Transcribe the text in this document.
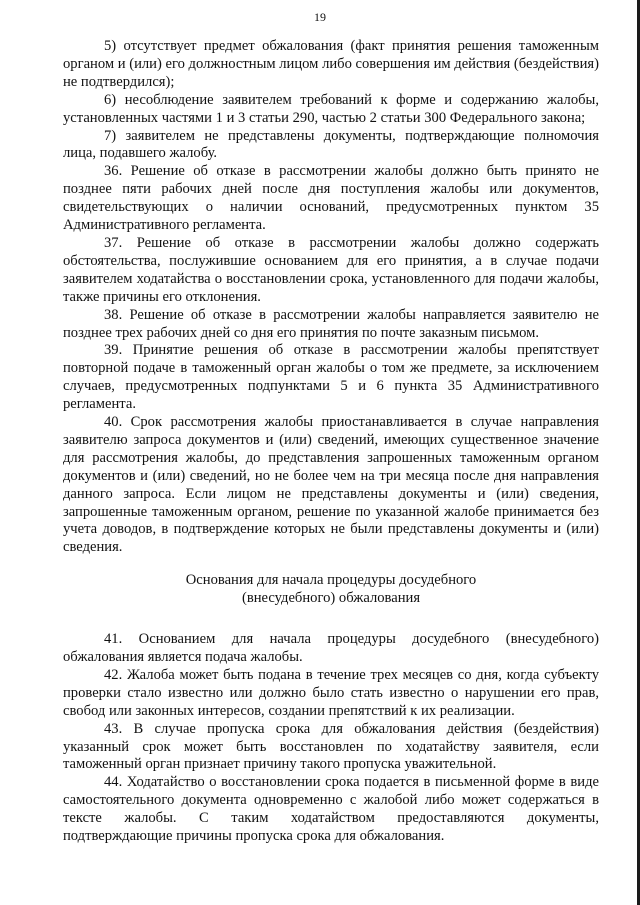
19

5) отсутствует предмет обжалования (факт принятия решения таможенным органом и (или) его должностным лицом либо совершения им действия (бездействия) не подтвердился);

6) несоблюдение заявителем требований к форме и содержанию жалобы, установленных частями 1 и 3 статьи 290, частью 2 статьи 300 Федерального закона;

7) заявителем не представлены документы, подтверждающие полномочия лица, подавшего жалобу.

36. Решение об отказе в рассмотрении жалобы должно быть принято не позднее пяти рабочих дней после дня поступления жалобы или документов, свидетельствующих о наличии оснований, предусмотренных пунктом 35 Административного регламента.

37. Решение об отказе в рассмотрении жалобы должно содержать обстоятельства, послужившие основанием для его принятия, а в случае подачи заявителем ходатайства о восстановлении срока, установленного для подачи жалобы, также причины его отклонения.

38. Решение об отказе в рассмотрении жалобы направляется заявителю не позднее трех рабочих дней со дня его принятия по почте заказным письмом.

39. Принятие решения об отказе в рассмотрении жалобы препятствует повторной подаче в таможенный орган жалобы о том же предмете, за исключением случаев, предусмотренных подпунктами 5 и 6 пункта 35 Административного регламента.

40. Срок рассмотрения жалобы приостанавливается в случае направления заявителю запроса документов и (или) сведений, имеющих существенное значение для рассмотрения жалобы, до представления запрошенных таможенным органом документов и (или) сведений, но не более чем на три месяца после дня направления данного запроса. Если лицом не представлены документы и (или) сведения, запрошенные таможенным органом, решение по указанной жалобе принимается без учета доводов, в подтверждение которых не были представлены документы и (или) сведения.

Основания для начала процедуры досудебного
(внесудебного) обжалования

41. Основанием для начала процедуры досудебного (внесудебного) обжалования является подача жалобы.

42. Жалоба может быть подана в течение трех месяцев со дня, когда субъекту проверки стало известно или должно было стать известно о нарушении его прав, свобод или законных интересов, создании препятствий к их реализации.

43. В случае пропуска срока для обжалования действия (бездействия) указанный срок может быть восстановлен по ходатайству заявителя, если таможенный орган признает причину такого пропуска уважительной.

44. Ходатайство о восстановлении срока подается в письменной форме в виде самостоятельного документа одновременно с жалобой либо может содержаться в тексте жалобы. С таким ходатайством предоставляются документы, подтверждающие причины пропуска срока для обжалования.
